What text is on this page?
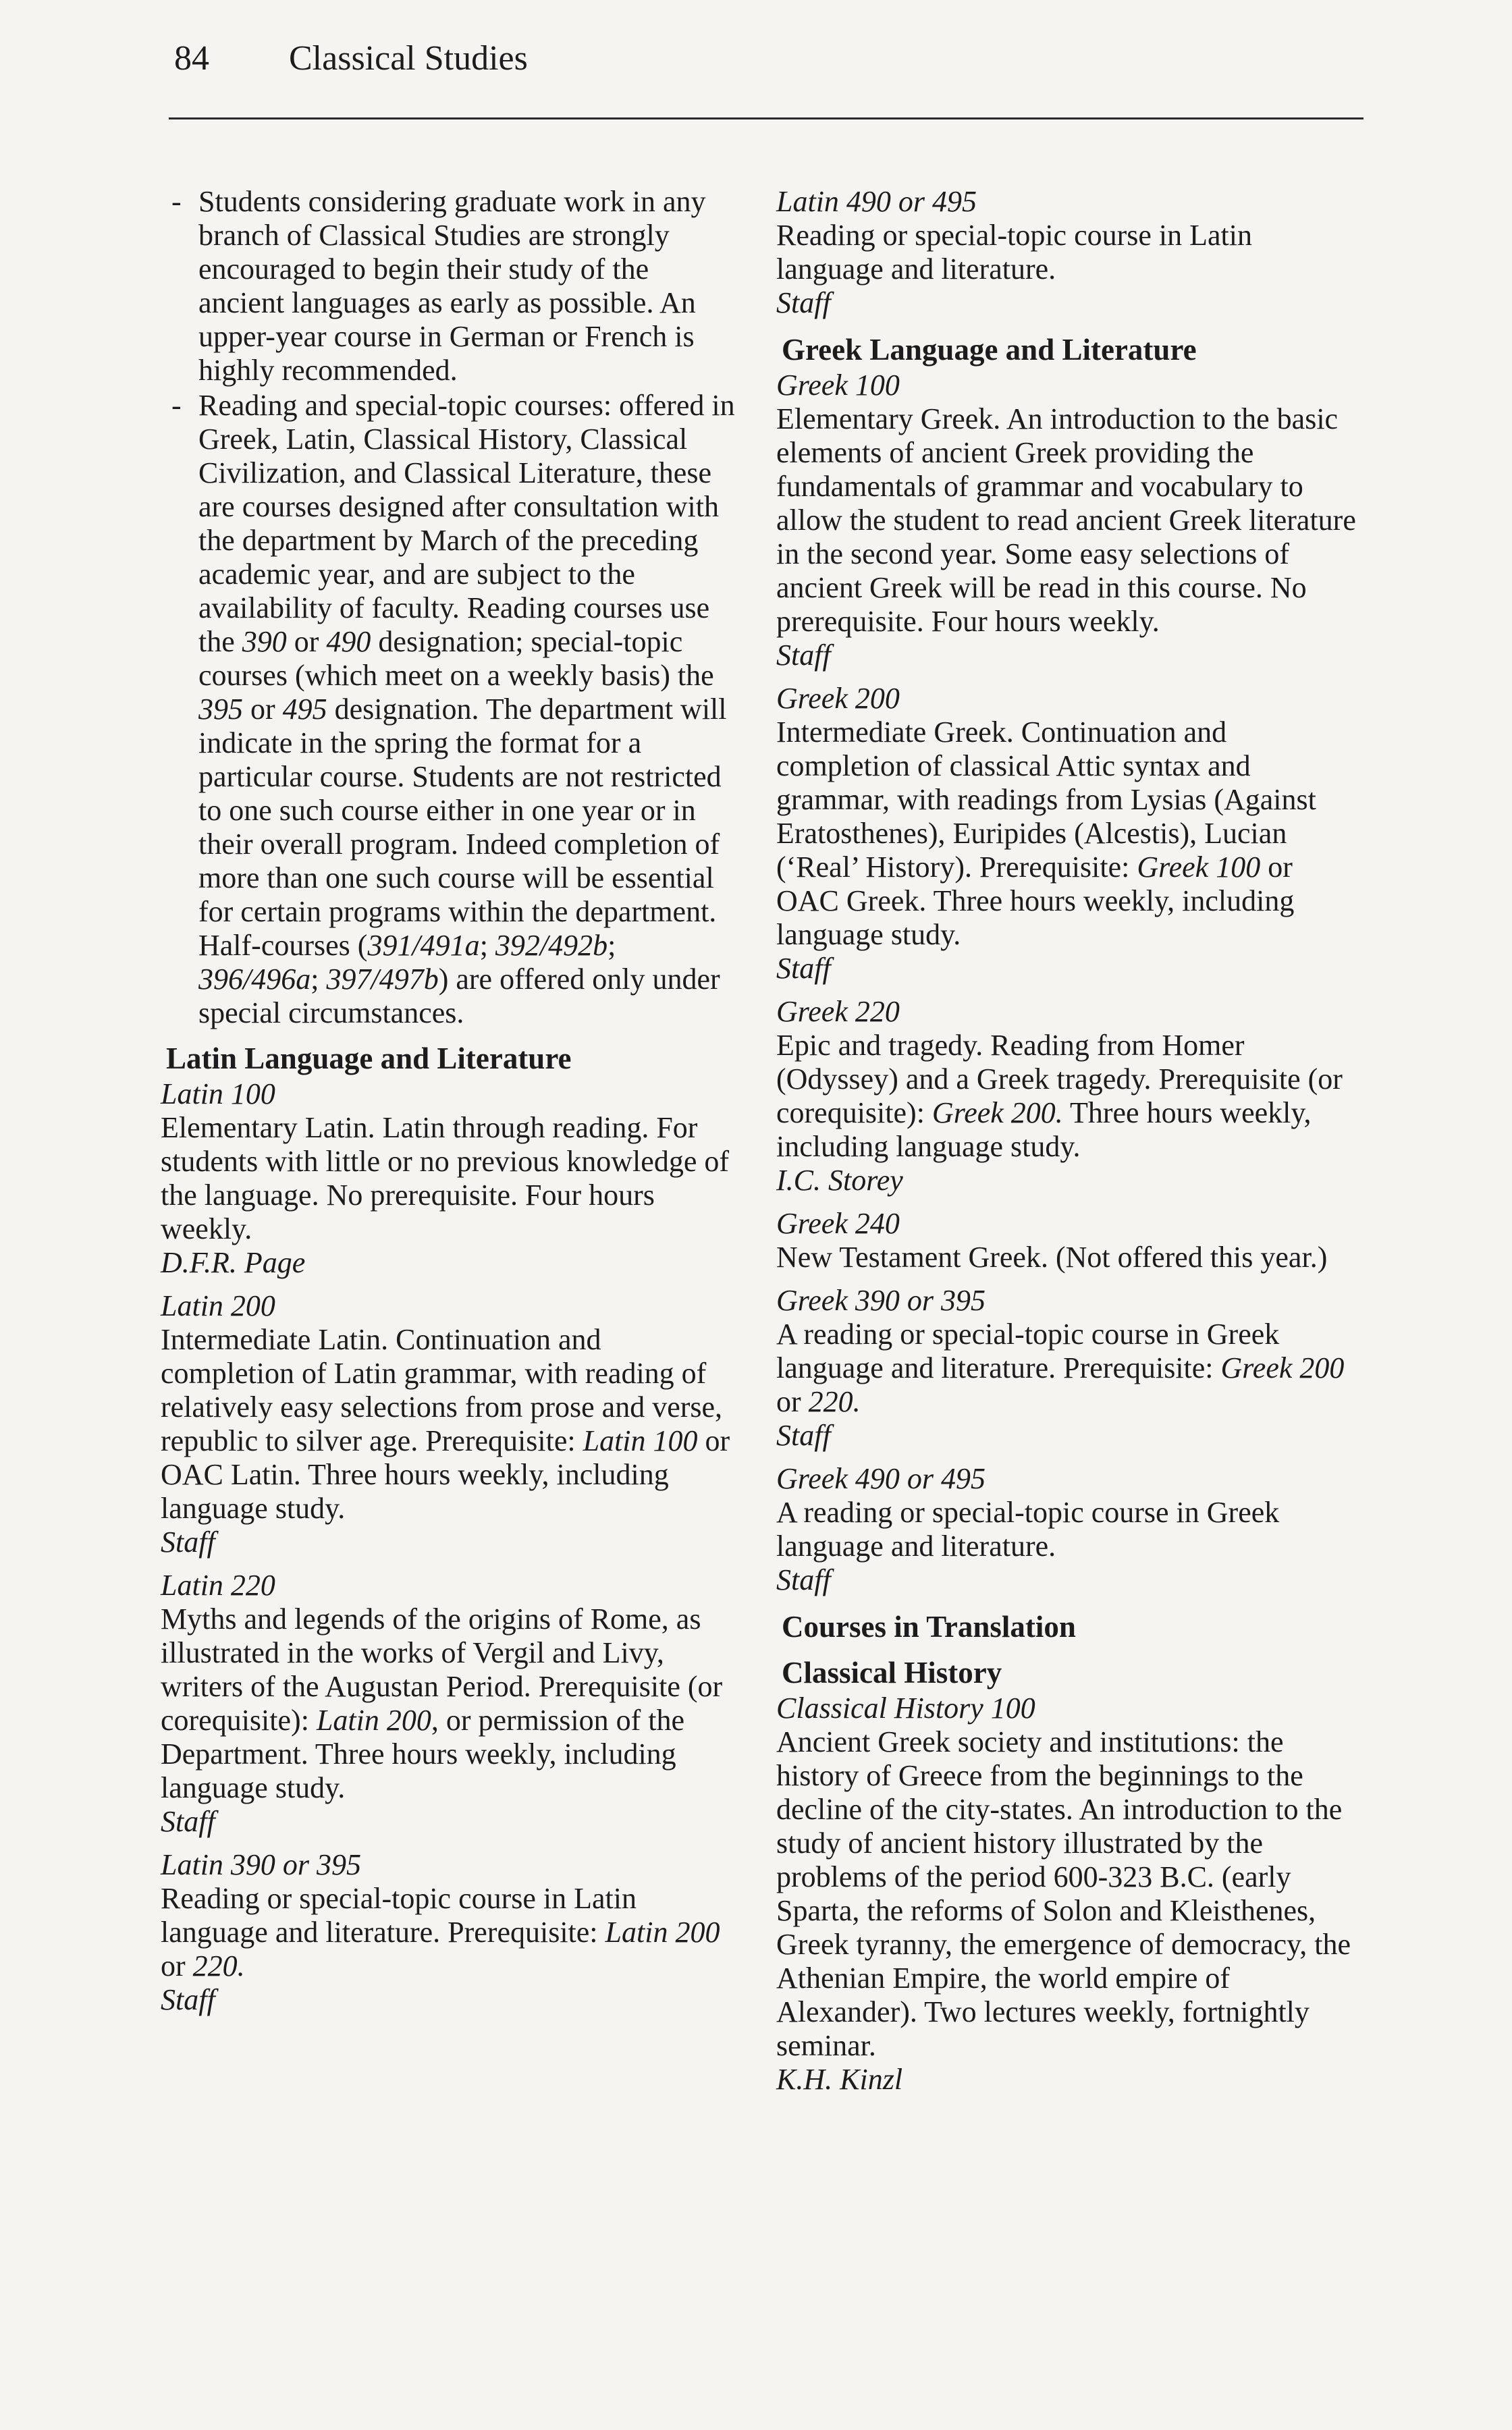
84 Classical Studies
- Students considering graduate work in any branch of Classical Studies are strongly encouraged to begin their study of the ancient languages as early as possible. An upper-year course in German or French is highly recommended.
- Reading and special-topic courses: offered in Greek, Latin, Classical History, Classical Civilization, and Classical Literature, these are courses designed after consultation with the department by March of the preceding academic year, and are subject to the availability of faculty. Reading courses use the 390 or 490 designation; special-topic courses (which meet on a weekly basis) the 395 or 495 designation. The department will indicate in the spring the format for a particular course. Students are not restricted to one such course either in one year or in their overall program. Indeed completion of more than one such course will be essential for certain programs within the department. Half-courses (391/491a; 392/492b; 396/496a; 397/497b) are offered only under special circumstances.
Latin Language and Literature
Latin 100
Elementary Latin. Latin through reading. For students with little or no previous knowledge of the language. No prerequisite. Four hours weekly.
D.F.R. Page
Latin 200
Intermediate Latin. Continuation and completion of Latin grammar, with reading of relatively easy selections from prose and verse, republic to silver age. Prerequisite: Latin 100 or OAC Latin. Three hours weekly, including language study.
Staff
Latin 220
Myths and legends of the origins of Rome, as illustrated in the works of Vergil and Livy, writers of the Augustan Period. Prerequisite (or corequisite): Latin 200, or permission of the Department. Three hours weekly, including language study.
Staff
Latin 390 or 395
Reading or special-topic course in Latin language and literature. Prerequisite: Latin 200 or 220.
Staff
Latin 490 or 495
Reading or special-topic course in Latin language and literature.
Staff
Greek Language and Literature
Greek 100
Elementary Greek. An introduction to the basic elements of ancient Greek providing the fundamentals of grammar and vocabulary to allow the student to read ancient Greek literature in the second year. Some easy selections of ancient Greek will be read in this course. No prerequisite. Four hours weekly.
Staff
Greek 200
Intermediate Greek. Continuation and completion of classical Attic syntax and grammar, with readings from Lysias (Against Eratosthenes), Euripides (Alcestis), Lucian (‘Real’ History). Prerequisite: Greek 100 or OAC Greek. Three hours weekly, including language study.
Staff
Greek 220
Epic and tragedy. Reading from Homer (Odyssey) and a Greek tragedy. Prerequisite (or corequisite): Greek 200. Three hours weekly, including language study.
I.C. Storey
Greek 240
New Testament Greek. (Not offered this year.)
Greek 390 or 395
A reading or special-topic course in Greek language and literature. Prerequisite: Greek 200 or 220.
Staff
Greek 490 or 495
A reading or special-topic course in Greek language and literature.
Staff
Courses in Translation
Classical History
Classical History 100
Ancient Greek society and institutions: the history of Greece from the beginnings to the decline of the city-states. An introduction to the study of ancient history illustrated by the problems of the period 600-323 B.C. (early Sparta, the reforms of Solon and Kleisthenes, Greek tyranny, the emergence of democracy, the Athenian Empire, the world empire of Alexander). Two lectures weekly, fortnightly seminar.
K.H. Kinzl
